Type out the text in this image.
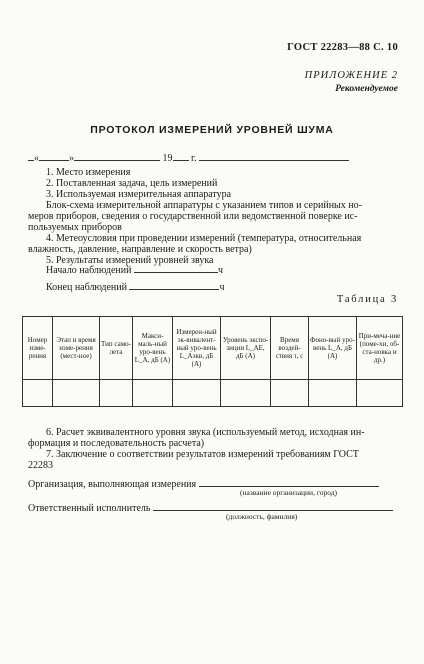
ГОСТ 22283—88 С. 10
ПРИЛОЖЕНИЕ 2
Рекомендуемое
ПРОТОКОЛ ИЗМЕРЕНИЙ УРОВНЕЙ ШУМА
«	»	19 г.
1. Место измерения
2. Поставленная задача, цель измерений
3. Используемая измерительная аппаратура
Блок-схема измерительной аппаратуры с указанием типов и серийных но-
меров приборов, сведения о государственной или ведомственной поверке ис-
пользуемых приборов
4. Метеоусловия при проведении измерений (температура, относительная
влажность, давление, направление и скорость ветра)
5. Результаты измерений уровней звука
Начало наблюдений	ч
Конец наблюдений	ч
Таблица 3
Номер изме-рения	Этап и время изме-рения (мест-ное)	Тип само-лета	Макси-маль-ный уро-вень L_A, дБ (A)	Измерен-ный эк-вивалент-ный уро-вень L_Aэкв, дБ (A)	Уровень экспо-зиции L_AE, дБ (A)	Время воздей-ствия τ, с	Фоно-вый уро-вень L_A, дБ (A)	При-меча-ние (поме-хи, об-ста-новка и др.)

6. Расчет эквивалентного уровня звука (используемый метод, исходная ин-
формация и последовательность расчета)
7. Заключение о соответствии результатов измерений требованиям ГОСТ
22283
Организация, выполняющая измерения
(название организации, город)
Ответственный исполнитель
(должность, фамилия)
